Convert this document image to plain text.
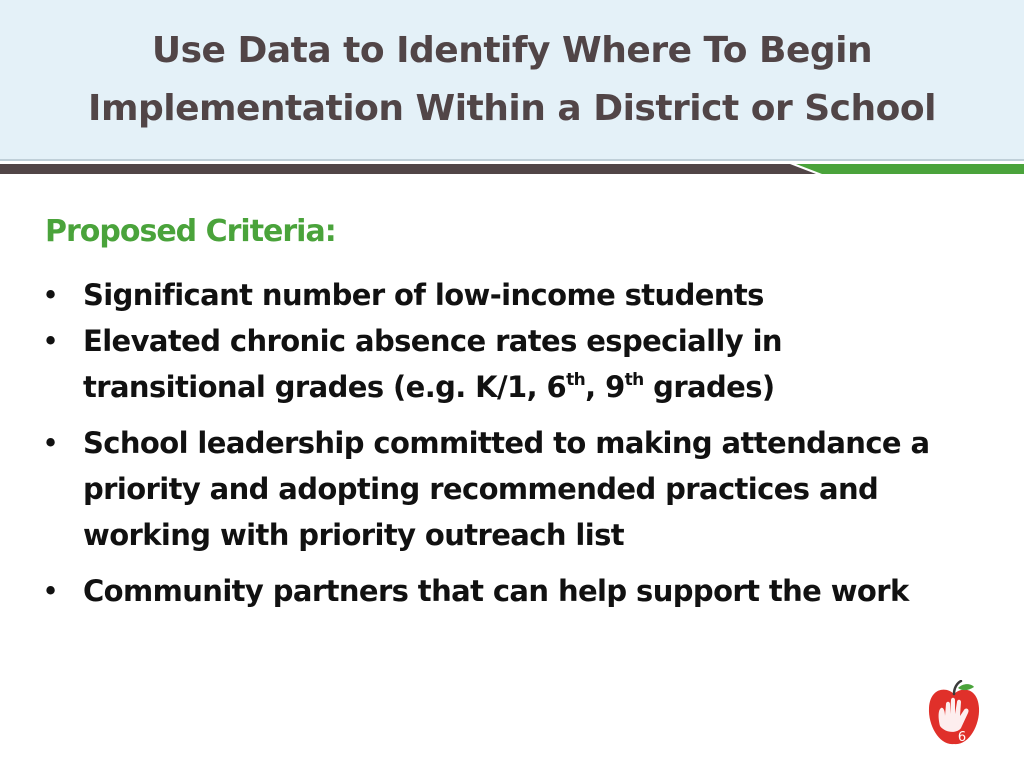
Use Data to Identify Where To Begin
Implementation Within a District or School
Proposed Criteria:
• Significant number of low-income students
• Elevated chronic absence rates especially in
transitional grades (e.g. K/1, 6th, 9th grades)
• School leadership committed to making attendance a priority and adopting recommended practices and working with priority outreach list
• Community partners that can help support the work
6
